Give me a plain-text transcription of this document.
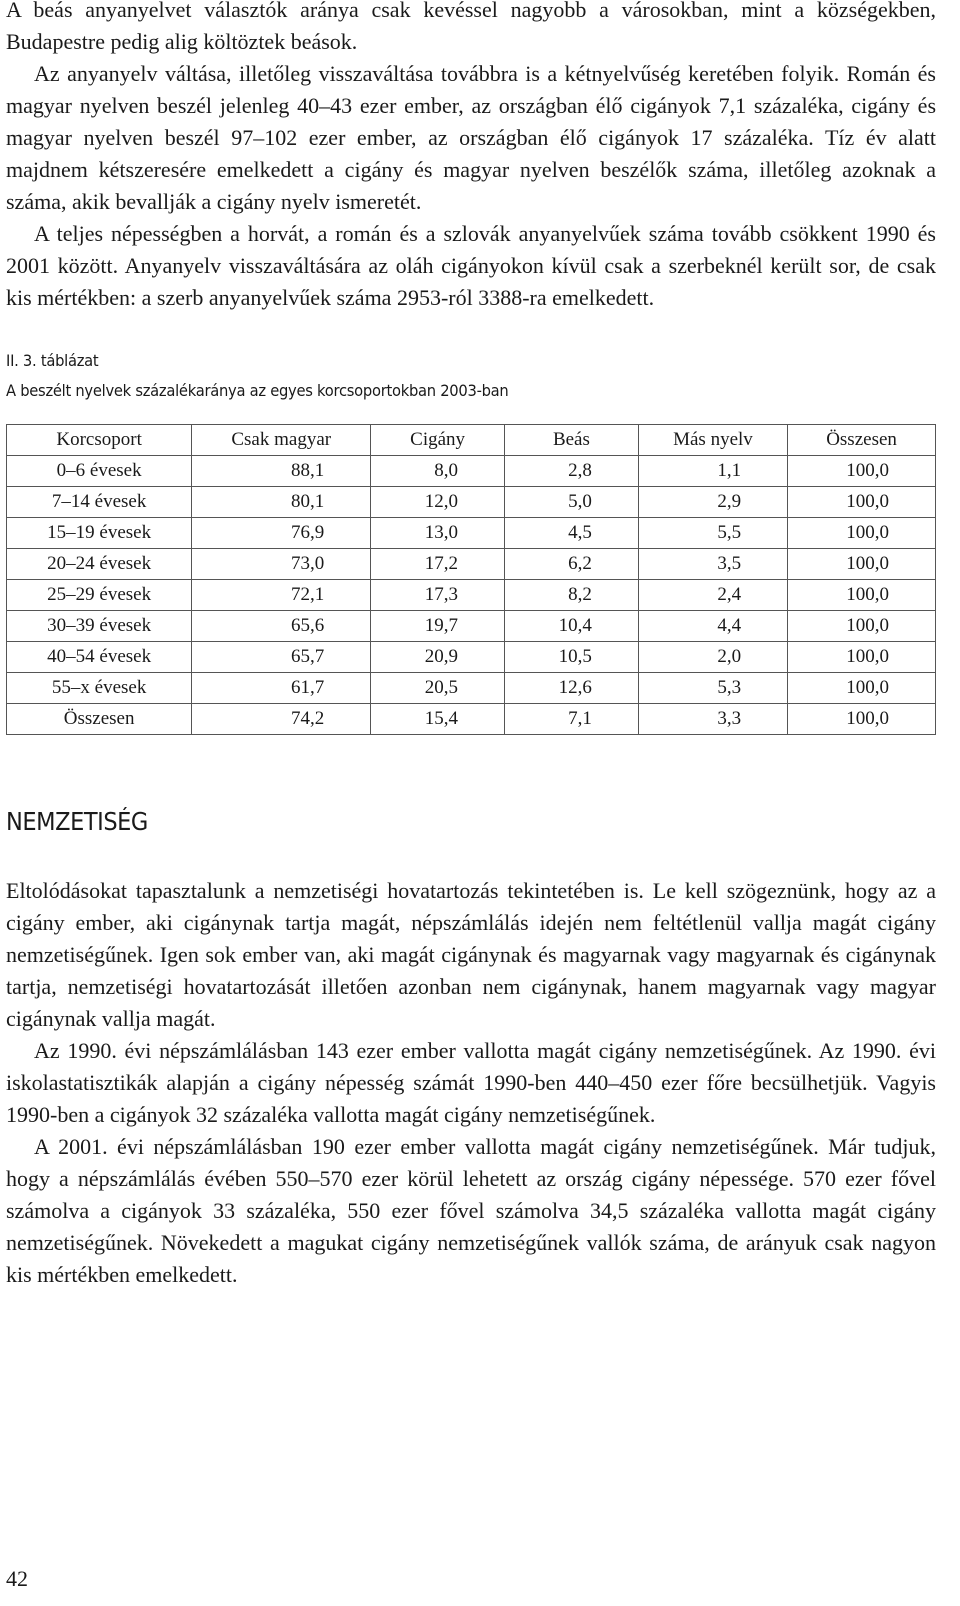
A beás anyanyelvet választók aránya csak kevéssel nagyobb a városokban, mint a községekben, Budapestre pedig alig költöztek beások.

Az anyanyelv váltása, illetőleg visszaváltása továbbra is a kétnyelvűség keretében folyik. Román és magyar nyelven beszél jelenleg 40–43 ezer ember, az országban élő cigányok 7,1 százaléka, cigány és magyar nyelven beszél 97–102 ezer ember, az országban élő cigányok 17 százaléka. Tíz év alatt majdnem kétszeresére emelkedett a cigány és magyar nyelven beszélők száma, illetőleg azoknak a száma, akik bevallják a cigány nyelv ismeretét.

A teljes népességben a horvát, a román és a szlovák anyanyelvűek száma tovább csökkent 1990 és 2001 között. Anyanyelv visszaváltására az oláh cigányokon kívül csak a szerbeknél került sor, de csak kis mértékben: a szerb anyanyelvűek száma 2953-ról 3388-ra emelkedett.

II. 3. táblázat

A beszélt nyelvek százalékaránya az egyes korcsoportokban 2003-ban

Korcsoport	Csak magyar	Cigány	Beás	Más nyelv	Összesen
0–6 évesek	88,1	8,0	2,8	1,1	100,0
7–14 évesek	80,1	12,0	5,0	2,9	100,0
15–19 évesek	76,9	13,0	4,5	5,5	100,0
20–24 évesek	73,0	17,2	6,2	3,5	100,0
25–29 évesek	72,1	17,3	8,2	2,4	100,0
30–39 évesek	65,6	19,7	10,4	4,4	100,0
40–54 évesek	65,7	20,9	10,5	2,0	100,0
55–x évesek	61,7	20,5	12,6	5,3	100,0
Összesen	74,2	15,4	7,1	3,3	100,0
NEMZETISÉG

Eltolódásokat tapasztalunk a nemzetiségi hovatartozás tekintetében is. Le kell szögeznünk, hogy az a cigány ember, aki cigánynak tartja magát, népszámlálás idején nem feltétlenül vallja magát cigány nemzetiségűnek. Igen sok ember van, aki magát cigánynak és magyarnak vagy magyarnak és cigánynak tartja, nemzetiségi hovatartozását illetően azonban nem cigánynak, hanem magyarnak vagy magyar cigánynak vallja magát.

Az 1990. évi népszámlálásban 143 ezer ember vallotta magát cigány nemzetiségűnek. Az 1990. évi iskolastatisztikák alapján a cigány népesség számát 1990-ben 440–450 ezer főre becsülhetjük. Vagyis 1990-ben a cigányok 32 százaléka vallotta magát cigány nemzetiségűnek.

A 2001. évi népszámlálásban 190 ezer ember vallotta magát cigány nemzetiségűnek. Már tudjuk, hogy a népszámlálás évében 550–570 ezer körül lehetett az ország cigány népessége. 570 ezer fővel számolva a cigányok 33 százaléka, 550 ezer fővel számolva 34,5 százaléka vallotta magát cigány nemzetiségűnek. Növekedett a magukat cigány nemzetiségűnek vallók száma, de arányuk csak nagyon kis mértékben emelkedett.

42
